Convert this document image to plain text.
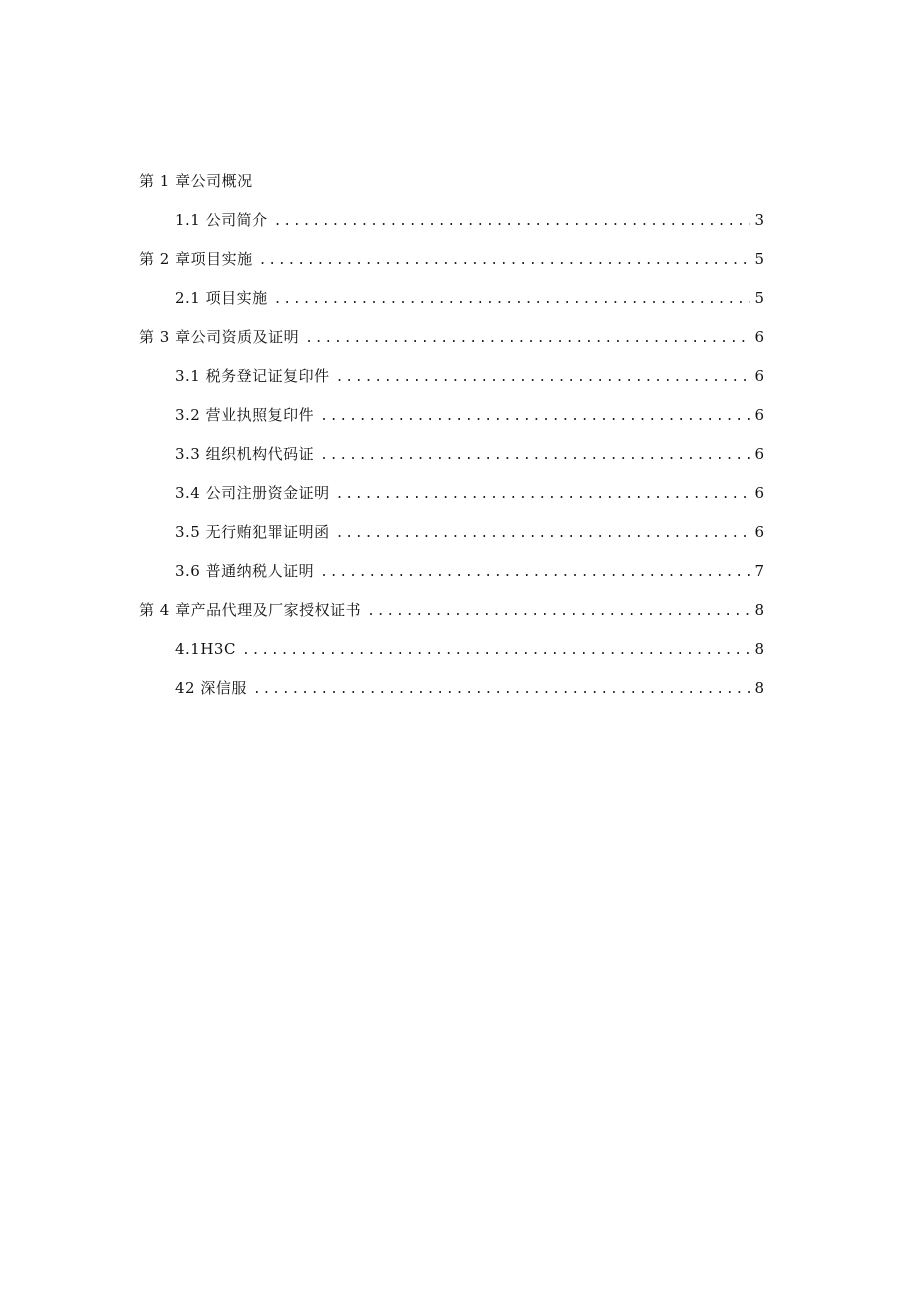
第 1 章公司概况
1.1 公司简介 . . .	3
第 2 章项目实施 . . .	5
2.1 项目实施 . . .	5
第 3 章公司资质及证明 . . .	6
3.1 税务登记证复印件 . . .	6
3.2 营业执照复印件 . . .	6
3.3 组织机构代码证 . . .	6
3.4 公司注册资金证明 . . .	6
3.5 无行贿犯罪证明函 . . .	6
3.6 普通纳税人证明 . . .	7
第 4 章产品代理及厂家授权证书 . . .	8
4.1H3C . . .	8
42 深信服 . . .	8
